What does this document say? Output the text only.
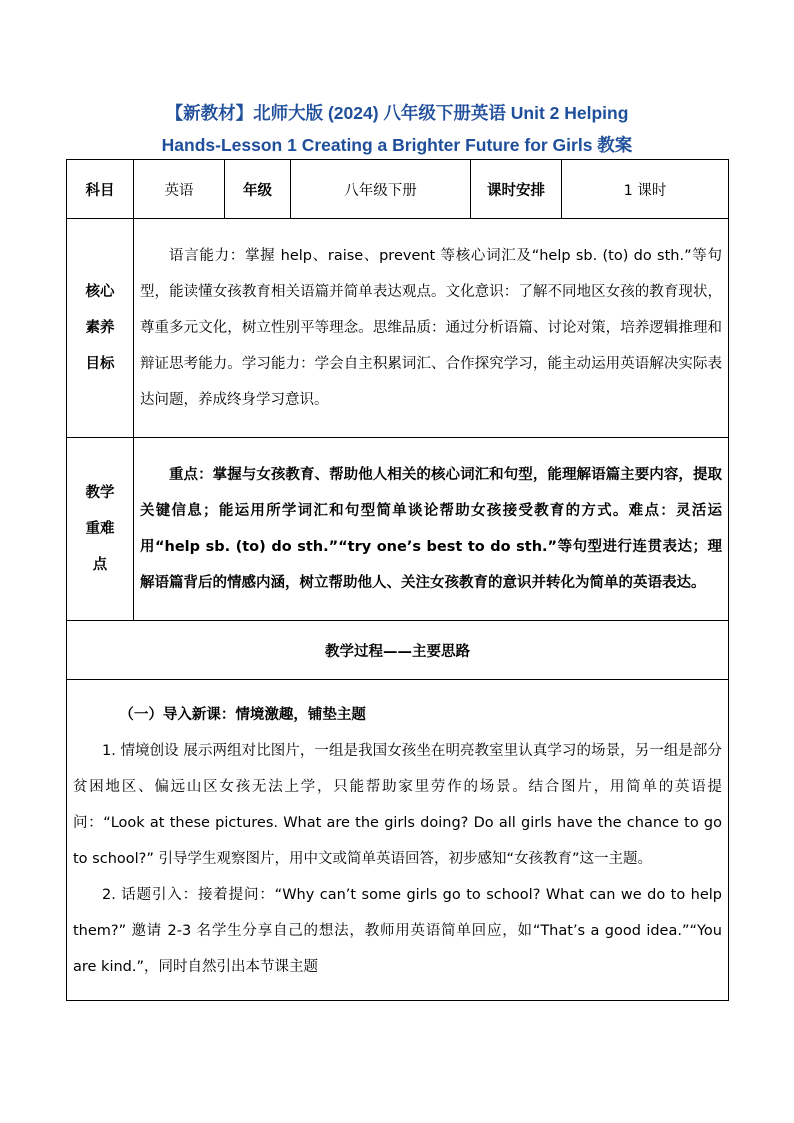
【新教材】北师大版 (2024) 八年级下册英语 Unit 2 Helping
Hands-Lesson 1 Creating a Brighter Future for Girls 教案
科目	英语	年级	八年级下册	课时安排	1 课时

核心
素养
目标	语言能力：掌握 help、raise、prevent 等核心词汇及“help sb. (to) do sth.”等句型，能读懂女孩教育相关语篇并简单表达观点。文化意识：了解不同地区女孩的教育现状，尊重多元文化，树立性别平等理念。思维品质：通过分析语篇、讨论对策，培养逻辑推理和辩证思考能力。学习能力：学会自主积累词汇、合作探究学习，能主动运用英语解决实际表达问题，养成终身学习意识。				

教学
重难
点	重点：掌握与女孩教育、帮助他人相关的核心词汇和句型，能理解语篇主要内容，提取关键信息；能运用所学词汇和句型简单谈论帮助女孩接受教育的方式。难点：灵活运用“help sb. (to) do sth.”“try one’s best to do sth.”等句型进行连贯表达；理解语篇背后的情感内涵，树立帮助他人、关注女孩教育的意识并转化为简单的英语表达。				

教学过程——主要思路					

（一）导入新课：情境激趣，铺垫主题

1. 情境创设 展示两组对比图片，一组是我国女孩坐在明亮教室里认真学习的场景，另一组是部分贫困地区、偏远山区女孩无法上学，只能帮助家里劳作的场景。结合图片，用简单的英语提问：“Look at these pictures. What are the girls doing? Do all girls have the chance to go to school?” 引导学生观察图片，用中文或简单英语回答，初步感知“女孩教育”这一主题。

2. 话题引入：接着提问：“Why can’t some girls go to school? What can we do to help them?” 邀请 2-3 名学生分享自己的想法，教师用英语简单回应，如“That’s a good idea.”“You are kind.”，同时自然引出本节课主题					
